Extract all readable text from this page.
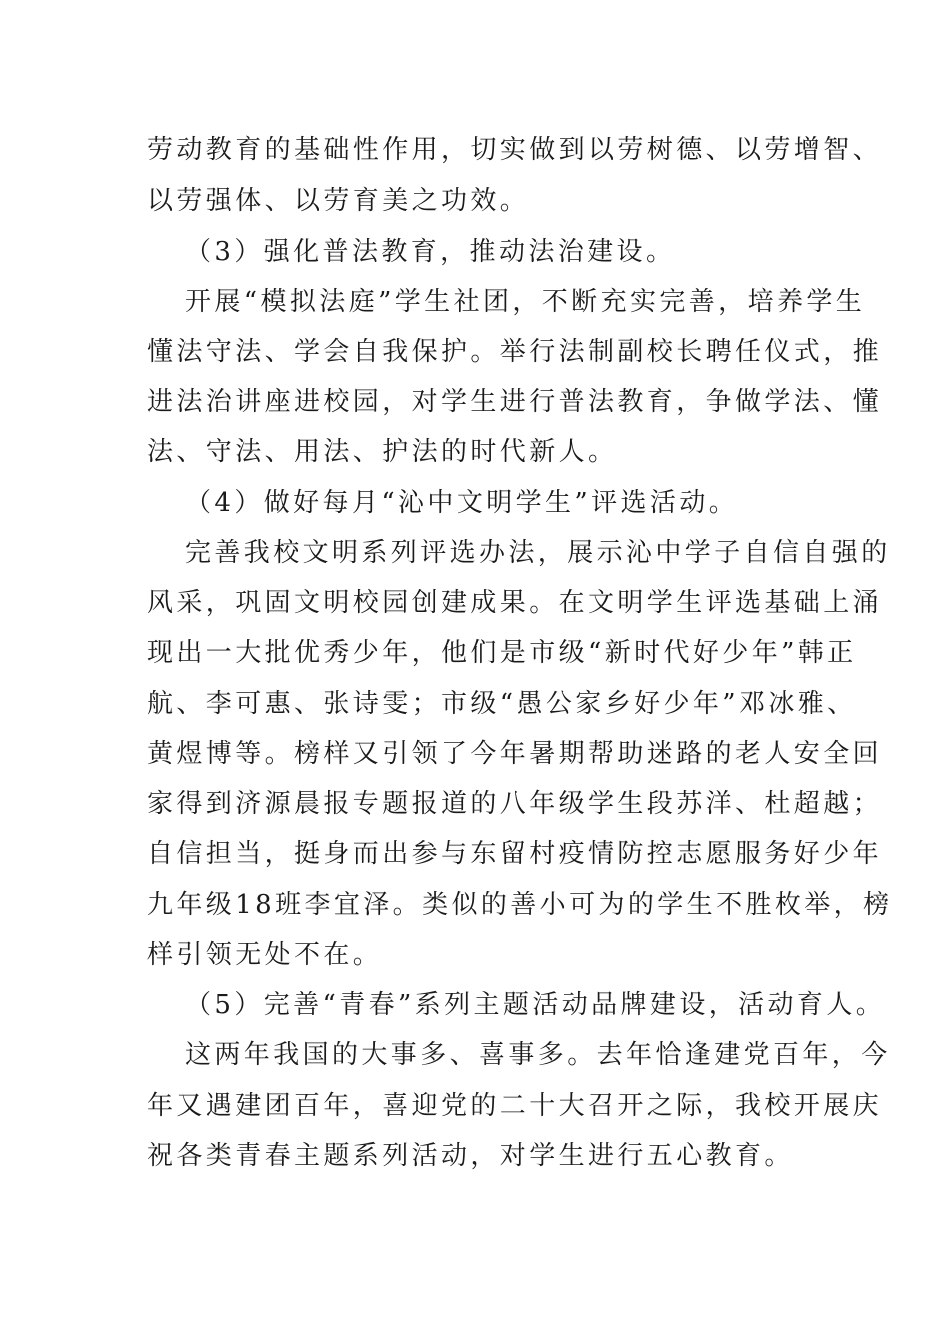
劳动教育的基础性作用，切实做到以劳树德、以劳增智、
以劳强体、以劳育美之功效。
（3）强化普法教育，推动法治建设。
开展“模拟法庭”学生社团，不断充实完善，培养学生
懂法守法、学会自我保护。举行法制副校长聘任仪式，推
进法治讲座进校园，对学生进行普法教育，争做学法、懂
法、守法、用法、护法的时代新人。
（4）做好每月“沁中文明学生”评选活动。
完善我校文明系列评选办法，展示沁中学子自信自强的
风采，巩固文明校园创建成果。在文明学生评选基础上涌
现出一大批优秀少年，他们是市级“新时代好少年”韩正
航、李可惠、张诗雯；市级“愚公家乡好少年”邓冰雅、
黄煜博等。榜样又引领了今年暑期帮助迷路的老人安全回
家得到济源晨报专题报道的八年级学生段苏洋、杜超越；
自信担当，挺身而出参与东留村疫情防控志愿服务好少年
九年级18班李宜泽。类似的善小可为的学生不胜枚举，榜
样引领无处不在。
（5）完善“青春”系列主题活动品牌建设，活动育人。
这两年我国的大事多、喜事多。去年恰逢建党百年，今
年又遇建团百年，喜迎党的二十大召开之际，我校开展庆
祝各类青春主题系列活动，对学生进行五心教育。
